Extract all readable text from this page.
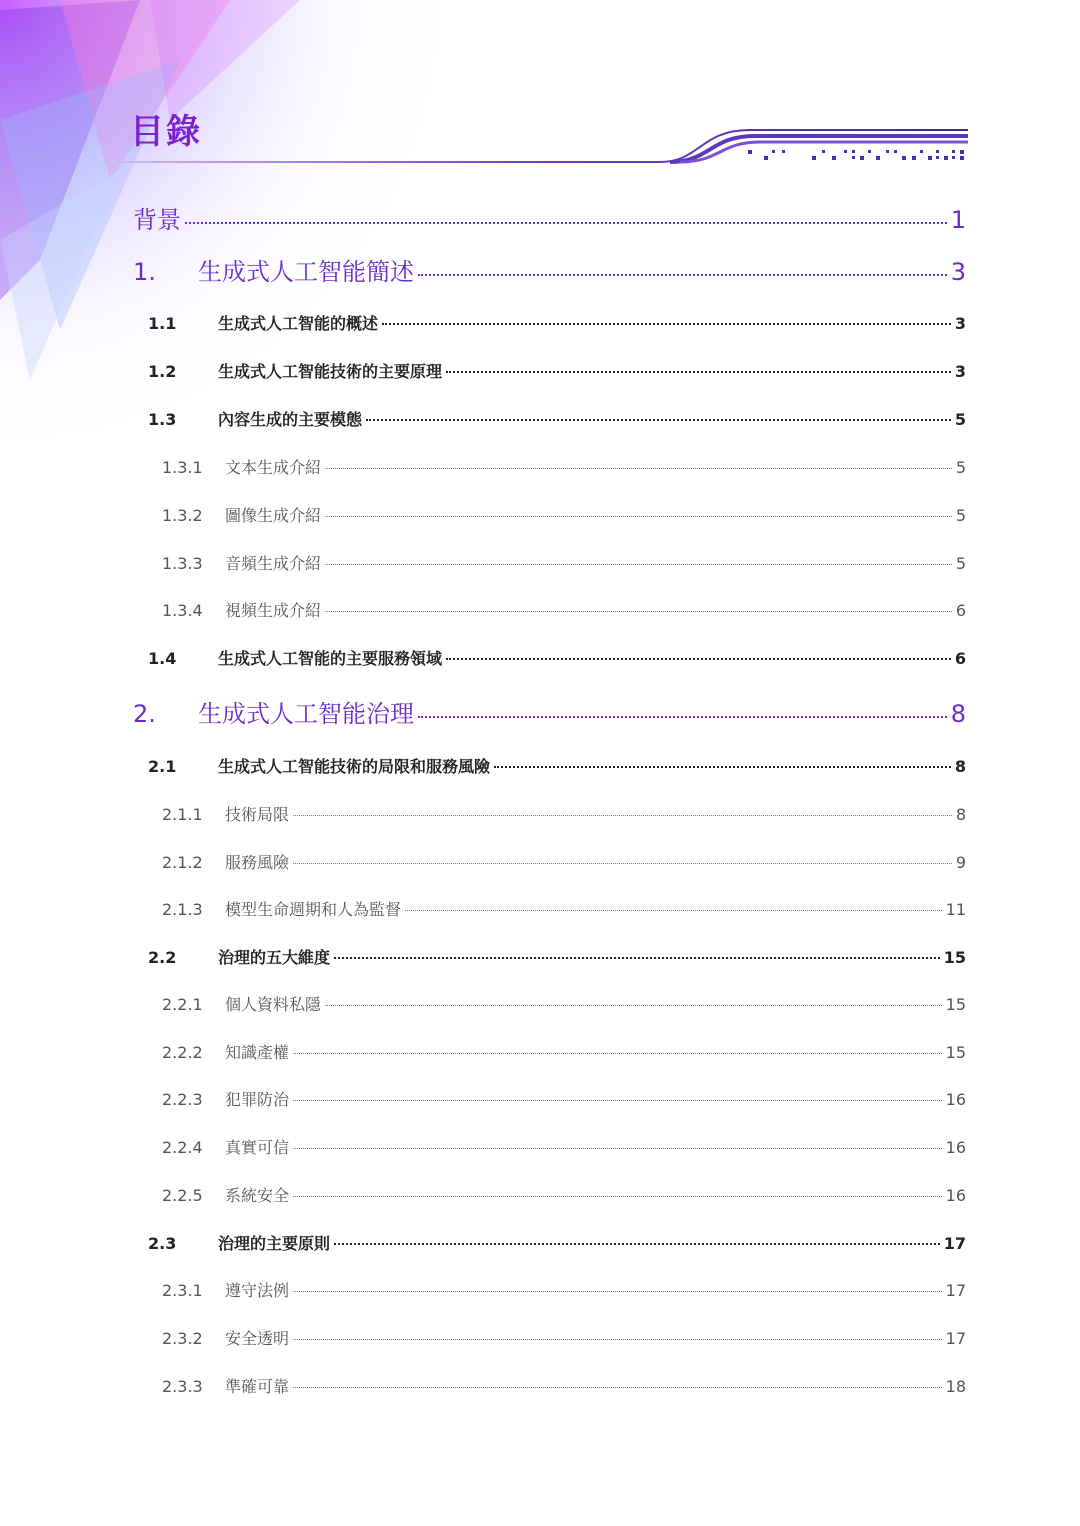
目錄
背景	1
1.	生成式人工智能簡述	3
1.1	生成式人工智能的概述	3
1.2	生成式人工智能技術的主要原理	3
1.3	內容生成的主要模態	5
1.3.1	文本生成介紹	5
1.3.2	圖像生成介紹	5
1.3.3	音頻生成介紹	5
1.3.4	視頻生成介紹	6
1.4	生成式人工智能的主要服務領域	6
2.	生成式人工智能治理	8
2.1	生成式人工智能技術的局限和服務風險	8
2.1.1	技術局限	8
2.1.2	服務風險	9
2.1.3	模型生命週期和人為監督	11
2.2	治理的五大維度	15
2.2.1	個人資料私隱	15
2.2.2	知識產權	15
2.2.3	犯罪防治	16
2.2.4	真實可信	16
2.2.5	系統安全	16
2.3	治理的主要原則	17
2.3.1	遵守法例	17
2.3.2	安全透明	17
2.3.3	準確可靠	18
